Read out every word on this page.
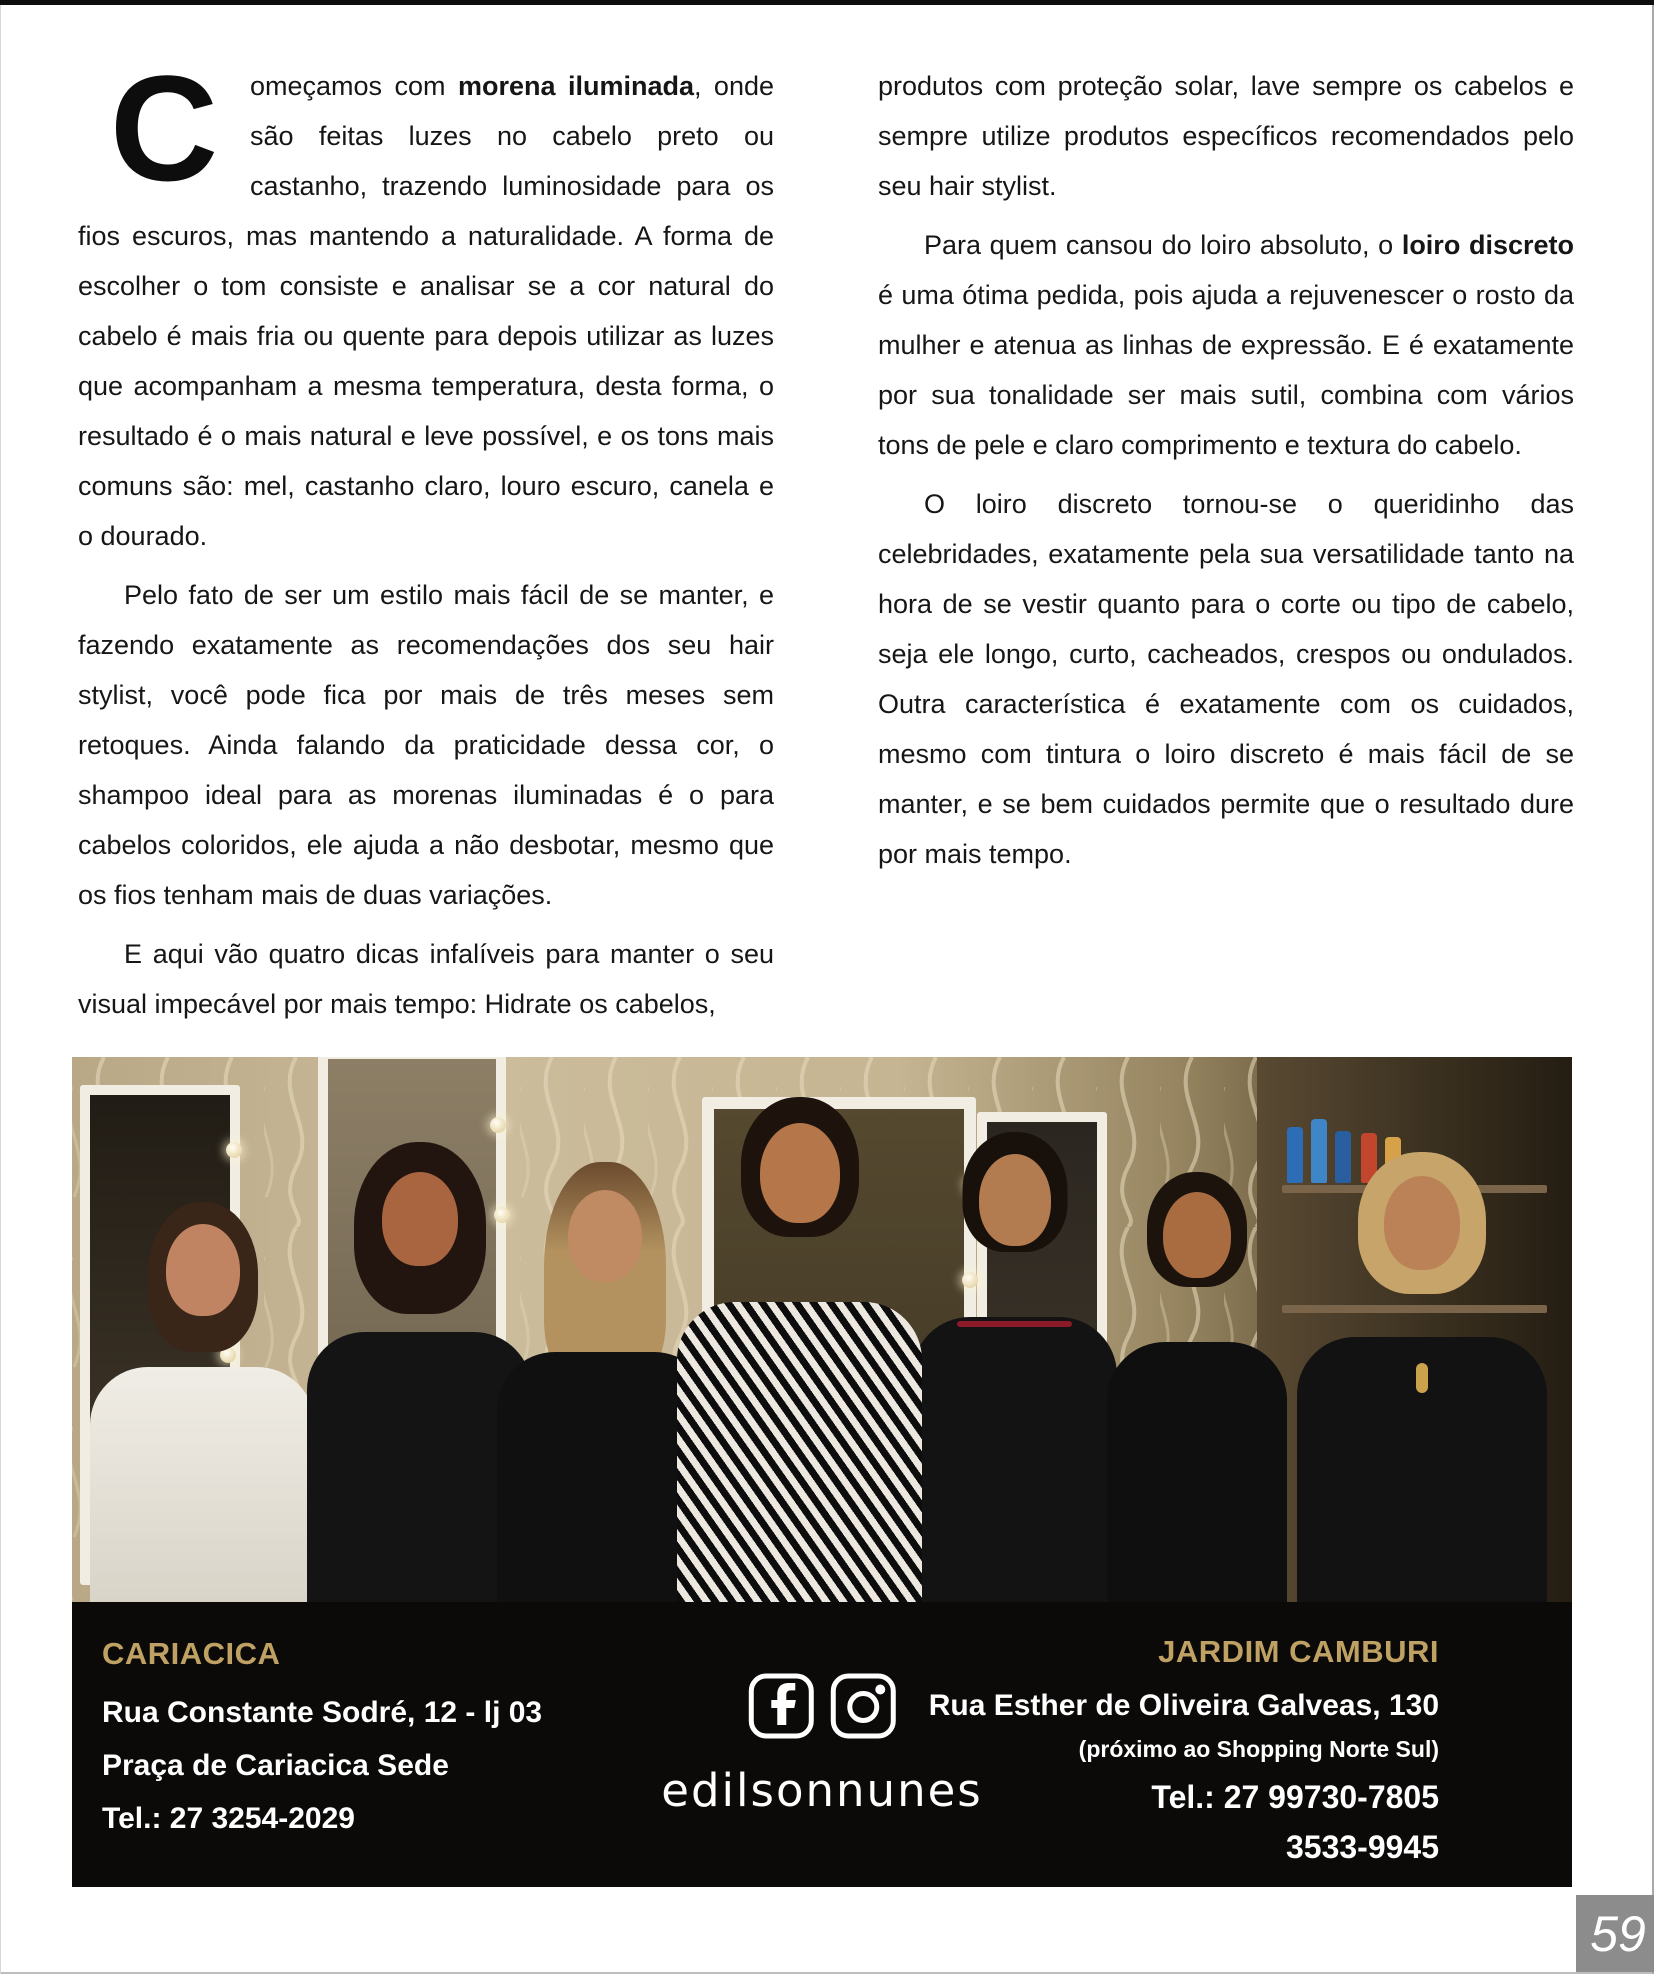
C	omeçamos com morena iluminada, onde são feitas luzes no cabelo preto ou castanho, trazendo luminosidade para os fios escuros, mas mantendo a naturalidade. A forma de escolher o tom consiste e analisar se a cor natural do cabelo é mais fria ou quente para depois utilizar as luzes que acompanham a mesma temperatura, desta forma, o resultado é o mais natural e leve possível, e os tons mais comuns são: mel, castanho claro, louro escuro, canela e o dourado.

Pelo fato de ser um estilo mais fácil de se manter, e fazendo exatamente as recomendações dos seu hair stylist, você pode fica por mais de três meses sem retoques. Ainda falando da praticidade dessa cor, o shampoo ideal para as morenas iluminadas é o para cabelos coloridos, ele ajuda a não desbotar, mesmo que os fios tenham mais de duas variações.

E aqui vão quatro dicas infalíveis para manter o seu visual impecável por mais tempo: Hidrate os cabelos,

produtos com proteção solar, lave sempre os cabelos e sempre utilize produtos específicos recomendados pelo seu hair stylist.

Para quem cansou do loiro absoluto, o loiro discreto é uma ótima pedida, pois ajuda a rejuvenescer o rosto da mulher e atenua as linhas de expressão. E é exatamente por sua tonalidade ser mais sutil, combina com vários tons de pele e claro comprimento e textura do cabelo.

O loiro discreto tornou-se o queridinho das celebridades, exatamente pela sua versatilidade tanto na hora de se vestir quanto para o corte ou tipo de cabelo, seja ele longo, curto, cacheados, crespos ou ondulados. Outra característica é exatamente com os cuidados, mesmo com tintura o loiro discreto é mais fácil de se manter, e se bem cuidados permite que o resultado dure por mais tempo.

CARIACICA
Rua Constante Sodré, 12 - lj 03
Praça de Cariacica Sede
Tel.: 27 3254-2029
edilsonnunes
JARDIM CAMBURI
Rua Esther de Oliveira Galveas, 130
(próximo ao Shopping Norte Sul)
Tel.: 27 99730-7805
3533-9945
59
